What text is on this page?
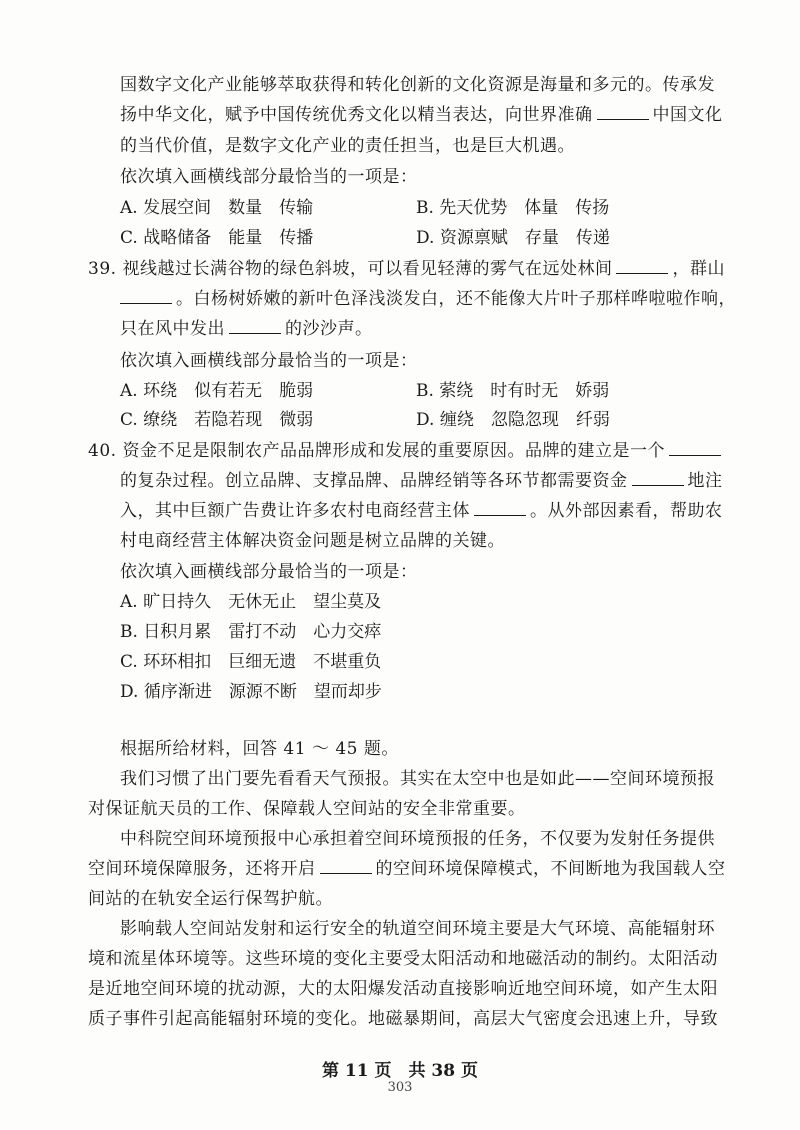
国数字文化产业能够萃取获得和转化创新的文化资源是海量和多元的。传承发
扬中华文化，赋予中国传统优秀文化以精当表达，向世界准确	中国文化
的当代价值，是数字文化产业的责任担当，也是巨大机遇。
依次填入画横线部分最恰当的一项是：
A. 发展空间　数量　传输	B. 先天优势　体量　传扬
C. 战略储备　能量　传播	D. 资源禀赋　存量　传递
39. 视线越过长满谷物的绿色斜坡，可以看见轻薄的雾气在远处林间	，群山
。白杨树娇嫩的新叶色泽浅淡发白，还不能像大片叶子那样哗啦啦作响，
只在风中发出	的沙沙声。
依次填入画横线部分最恰当的一项是：
A. 环绕　似有若无　脆弱	B. 萦绕　时有时无　娇弱
C. 缭绕　若隐若现　微弱	D. 缠绕　忽隐忽现　纤弱
40. 资金不足是限制农产品品牌形成和发展的重要原因。品牌的建立是一个
的复杂过程。创立品牌、支撑品牌、品牌经销等各环节都需要资金	地注
入，其中巨额广告费让许多农村电商经营主体	。从外部因素看，帮助农
村电商经营主体解决资金问题是树立品牌的关键。
依次填入画横线部分最恰当的一项是：
A. 旷日持久　无休无止　望尘莫及
B. 日积月累　雷打不动　心力交瘁
C. 环环相扣　巨细无遗　不堪重负
D. 循序渐进　源源不断　望而却步
根据所给材料，回答 41 ～ 45 题。
我们习惯了出门要先看看天气预报。其实在太空中也是如此——空间环境预报
对保证航天员的工作、保障载人空间站的安全非常重要。
中科院空间环境预报中心承担着空间环境预报的任务，不仅要为发射任务提供
空间环境保障服务，还将开启	的空间环境保障模式，不间断地为我国载人空
间站的在轨安全运行保驾护航。
影响载人空间站发射和运行安全的轨道空间环境主要是大气环境、高能辐射环
境和流星体环境等。这些环境的变化主要受太阳活动和地磁活动的制约。太阳活动
是近地空间环境的扰动源，大的太阳爆发活动直接影响近地空间环境，如产生太阳
质子事件引起高能辐射环境的变化。地磁暴期间，高层大气密度会迅速上升，导致
第 11 页　共 38 页
303
